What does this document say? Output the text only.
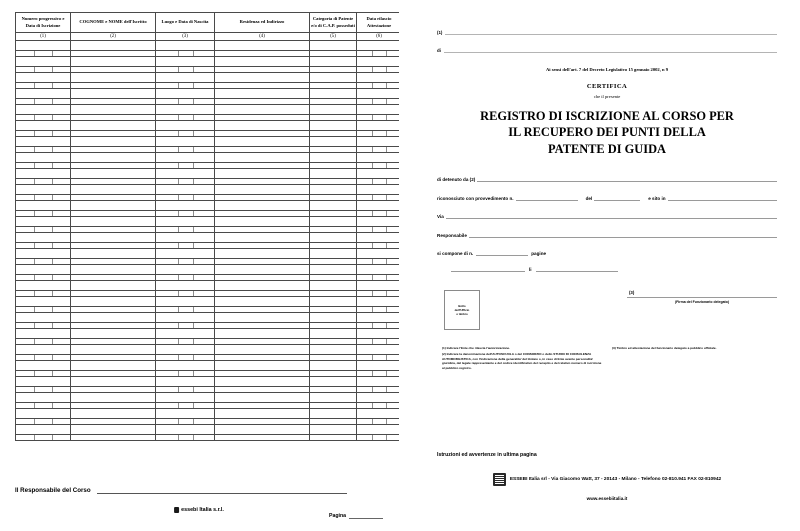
Numero progressivo e Data di Iscrizione	COGNOME e NOME dell'Iscritto	Luogo e Data di Nascita	Residenza ed Indirizzo	Categoria di Patente e/o di C.A.P. posseduti	Data rilascio Attestazione
(1)	(2)	(3)	(4)	(5)	(6)

Il Responsabile del Corso
essebi Italia s.r.l.
Pagina
(1)
di
Ai sensi dell'art. 7 del Decreto Legislativo 15 gennaio 2002, n 9
CERTIFICA
che il presente
REGISTRO DI ISCRIZIONE AL CORSO PER
IL RECUPERO DEI PUNTI DELLA
PATENTE DI GUIDA
di detenuto da (2)
riconosciuto con provvedimento n.	del	e sito in
Via
Responsabile
si compone di n.	pagine
li
Bollo
dell'Ufficio
o timbro
(3)
(Firma del Funzionario delegato)
(1) Indicare l'Ente che rilascia l'autorizzazione.
(2) Indicare la denominazione dell'AUTOSCUOLA o del CONSORZIO o dello STUDIO DI CONSULENZA AUTOMOBILISTICA, con l'indicazione della generalita' del titolare o, in caso di Ente avente personalita' giuridica, del legale rappresentante e del codice identificativo del recapito e del relativo numero di iscrizione al pubblico registro.
(3) Timbro ed attestazione del funzionario delegato a pubblico ufficiale.
Istruzioni ed avvertenze in ultima pagina
ESSEBI Italia srl - Via Giacomo Watt, 37 - 20143 - Milano - Telefono 02-810.941 FAX 02-810942
www.essebiitalia.it
